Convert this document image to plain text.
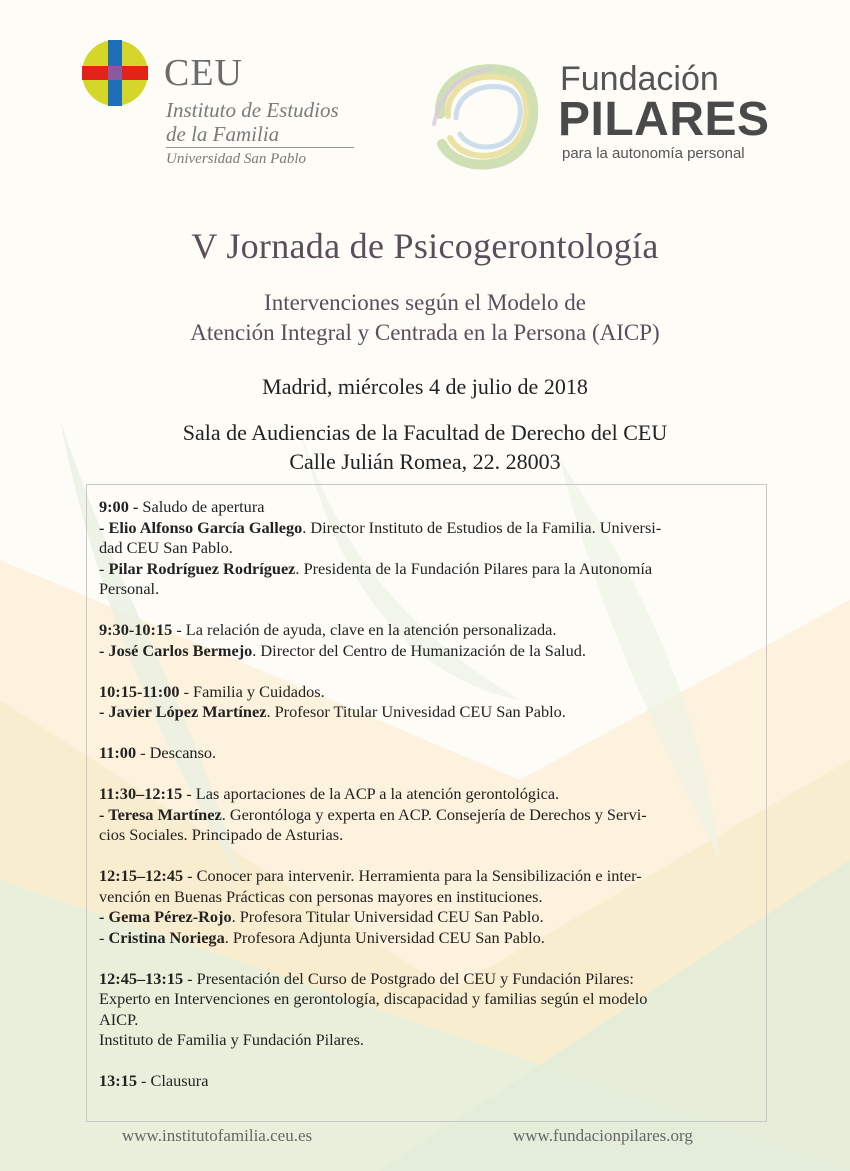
CEU
Instituto de Estudios
de la Familia
Universidad San Pablo
Fundación
PILARES
para la autonomía personal
V Jornada de Psicogerontología
Intervenciones según el Modelo de
Atención Integral y Centrada en la Persona (AICP)
Madrid, miércoles 4 de julio de 2018
Sala de Audiencias de la Facultad de Derecho del CEU
Calle Julián Romea, 22. 28003
9:00 - Saludo de apertura
- Elio Alfonso García Gallego. Director Instituto de Estudios de la Familia. Universi-
dad CEU San Pablo.
- Pilar Rodríguez Rodríguez. Presidenta de la Fundación Pilares para la Autonomía
Personal.
9:30-10:15 - La relación de ayuda, clave en la atención personalizada.
- José Carlos Bermejo. Director del Centro de Humanización de la Salud.
10:15-11:00 - Familia y Cuidados.
- Javier López Martínez. Profesor Titular Univesidad CEU San Pablo.
11:00 - Descanso.
11:30–12:15 - Las aportaciones de la ACP a la atención gerontológica.
- Teresa Martínez. Gerontóloga y experta en ACP. Consejería de Derechos y Servi-
cios Sociales. Principado de Asturias.
12:15–12:45 - Conocer para intervenir. Herramienta para la Sensibilización e inter-
vención en Buenas Prácticas con personas mayores en instituciones.
- Gema Pérez-Rojo. Profesora Titular Universidad CEU San Pablo.
- Cristina Noriega. Profesora Adjunta Universidad CEU San Pablo.
12:45–13:15 - Presentación del Curso de Postgrado del CEU y Fundación Pilares:
Experto en Intervenciones en gerontología, discapacidad y familias según el modelo
AICP.
Instituto de Familia y Fundación Pilares.
13:15 - Clausura
www.institutofamilia.ceu.es	www.fundacionpilares.org
